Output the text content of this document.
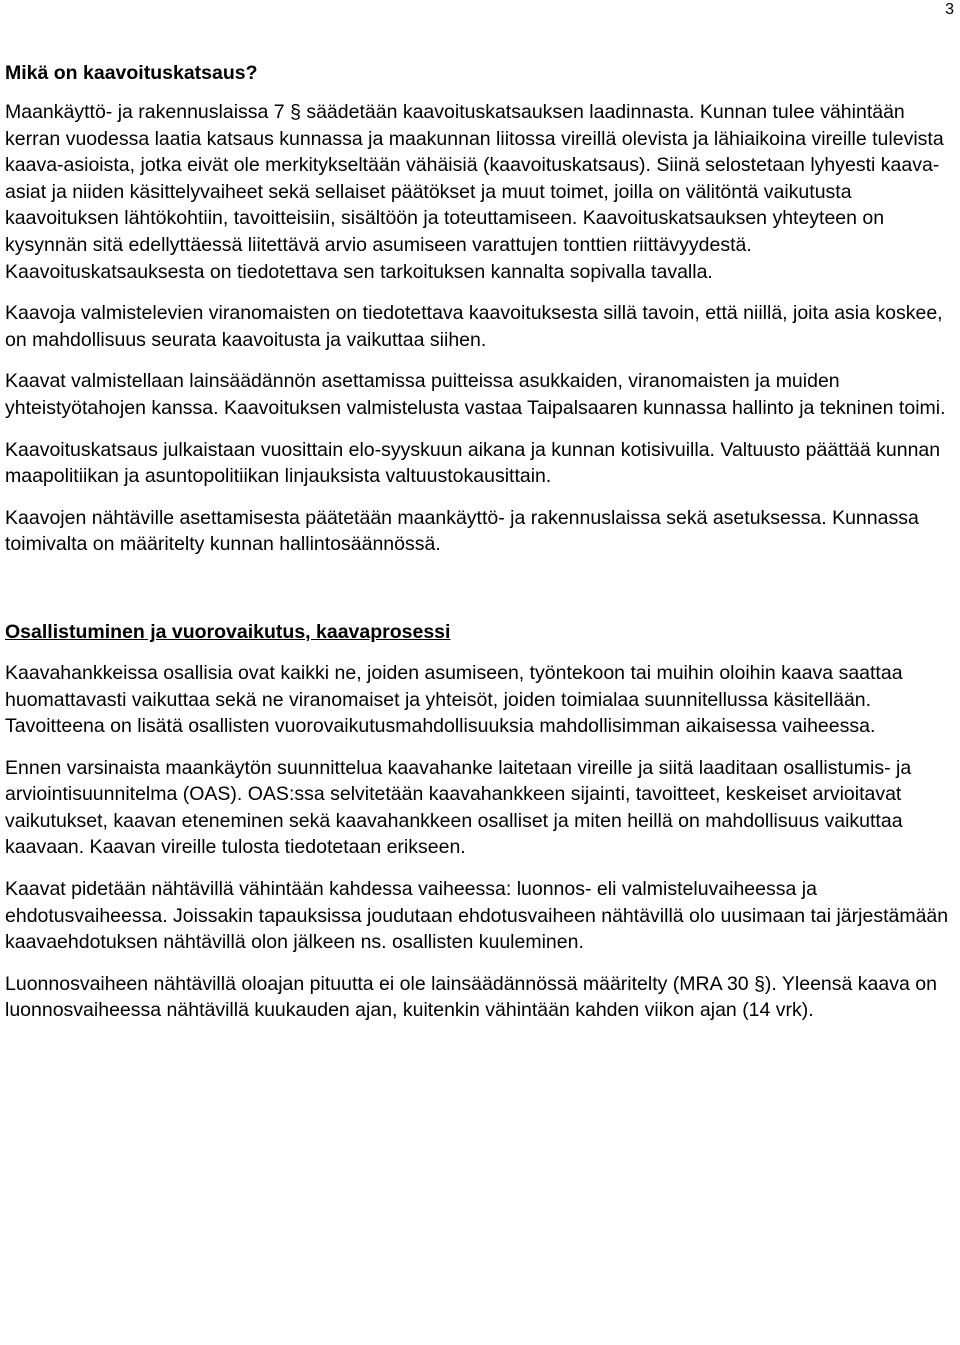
3
Mikä on kaavoituskatsaus?

Maankäyttö- ja rakennuslaissa 7 § säädetään kaavoituskatsauksen laadinnasta. Kunnan tulee vähintään kerran vuodessa laatia katsaus kunnassa ja maakunnan liitossa vireillä olevista ja lähiaikoina vireille tulevista kaava-asioista, jotka eivät ole merkitykseltään vähäisiä (kaavoituskatsaus). Siinä selostetaan lyhyesti kaava-asiat ja niiden käsittelyvaiheet sekä sellaiset päätökset ja muut toimet, joilla on välitöntä vaikutusta kaavoituksen lähtökohtiin, tavoitteisiin, sisältöön ja toteuttamiseen. Kaavoituskatsauksen yhteyteen on kysynnän sitä edellyttäessä liitettävä arvio asumiseen varattujen tonttien riittävyydestä. Kaavoituskatsauksesta on tiedotettava sen tarkoituksen kannalta sopivalla tavalla.

Kaavoja valmistelevien viranomaisten on tiedotettava kaavoituksesta sillä tavoin, että niillä, joita asia koskee, on mahdollisuus seurata kaavoitusta ja vaikuttaa siihen.

Kaavat valmistellaan lainsäädännön asettamissa puitteissa asukkaiden, viranomaisten ja muiden yhteistyötahojen kanssa. Kaavoituksen valmistelusta vastaa Taipalsaaren kunnassa hallinto ja tekninen toimi.

Kaavoituskatsaus julkaistaan vuosittain elo-syyskuun aikana ja kunnan kotisivuilla. Valtuusto päättää kunnan maapolitiikan ja asuntopolitiikan linjauksista valtuustokausittain.

Kaavojen nähtäville asettamisesta päätetään maankäyttö- ja rakennuslaissa sekä asetuksessa. Kunnassa toimivalta on määritelty kunnan hallintosäännössä.

Osallistuminen ja vuorovaikutus, kaavaprosessi

Kaavahankkeissa osallisia ovat kaikki ne, joiden asumiseen, työntekoon tai muihin oloihin kaava saattaa huomattavasti vaikuttaa sekä ne viranomaiset ja yhteisöt, joiden toimialaa suunnitellussa käsitellään. Tavoitteena on lisätä osallisten vuorovaikutusmahdollisuuksia mahdollisimman aikaisessa vaiheessa.

Ennen varsinaista maankäytön suunnittelua kaavahanke laitetaan vireille ja siitä laaditaan osallistumis- ja arviointisuunnitelma (OAS). OAS:ssa selvitetään kaavahankkeen sijainti, tavoitteet, keskeiset arvioitavat vaikutukset, kaavan eteneminen sekä kaavahankkeen osalliset ja miten heillä on mahdollisuus vaikuttaa kaavaan. Kaavan vireille tulosta tiedotetaan erikseen.

Kaavat pidetään nähtävillä vähintään kahdessa vaiheessa: luonnos- eli valmisteluvaiheessa ja ehdotusvaiheessa. Joissakin tapauksissa joudutaan ehdotusvaiheen nähtävillä olo uusimaan tai järjestämään kaavaehdotuksen nähtävillä olon jälkeen ns. osallisten kuuleminen.

Luonnosvaiheen nähtävillä oloajan pituutta ei ole lainsäädännössä määritelty (MRA 30 §). Yleensä kaava on luonnosvaiheessa nähtävillä kuukauden ajan, kuitenkin vähintään kahden viikon ajan (14 vrk).
